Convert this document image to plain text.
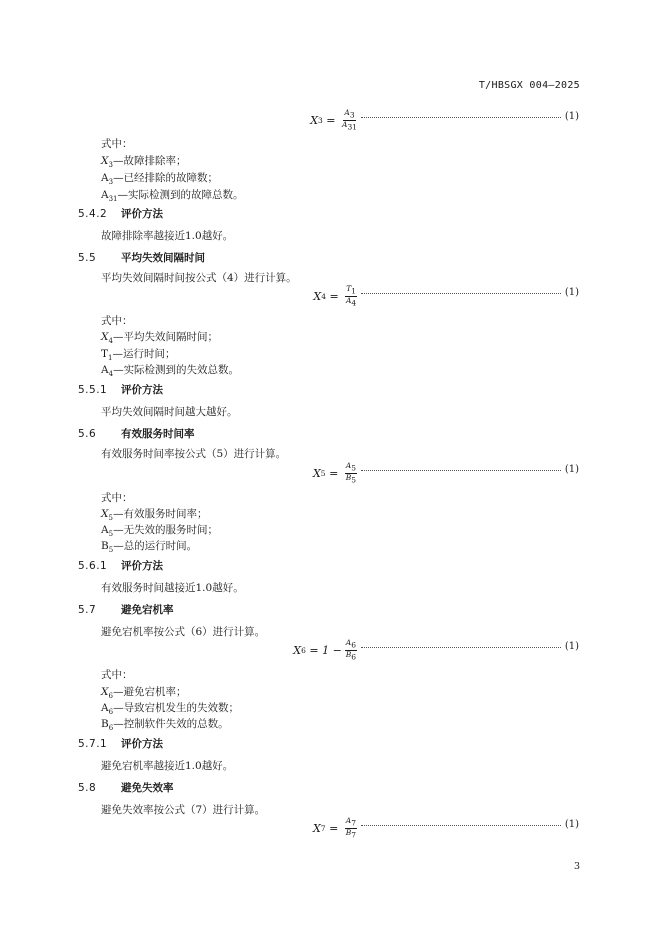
T/HBSGX 004—2025
X $3 = \frac{A_3}{A_{31}}$	(1)
X $4 = \frac{T_1}{A_4}$	(1)
X $5 = \frac{A_5}{B_5}$	(1)
X $6 = 1 - \frac{A_6}{B_6}$	(1)
X $7 = \frac{A_7}{B_7}$	(1)
式中：
$X_3—$故障排除率；
$A_3—$已经排除的故障数；
$A_{31}—$实际检测到的故障总数。
5.4.2 评价方法
故障排除率越接近1.0越好。
5.5 平均失效间隔时间
平均失效间隔时间按公式（4）进行计算。
式中：
$X_4—$平均失效间隔时间；
$T_1—$运行时间；
$A_4—$实际检测到的失效总数。
5.5.1 评价方法
平均失效间隔时间越大越好。
5.6 有效服务时间率
有效服务时间率按公式（5）进行计算。
式中：
$X_5—$有效服务时间率；
$A_5—$无失效的服务时间；
$B_5—$总的运行时间。
5.6.1 评价方法
有效服务时间越接近1.0越好。
5.7 避免宕机率
避免宕机率按公式（6）进行计算。
式中：
$X_6—$避免宕机率；
$A_6—$导致宕机发生的失效数；
$B_6—$控制软件失效的总数。
5.7.1 评价方法
避免宕机率越接近1.0越好。
5.8 避免失效率
避免失效率按公式（7）进行计算。
3
